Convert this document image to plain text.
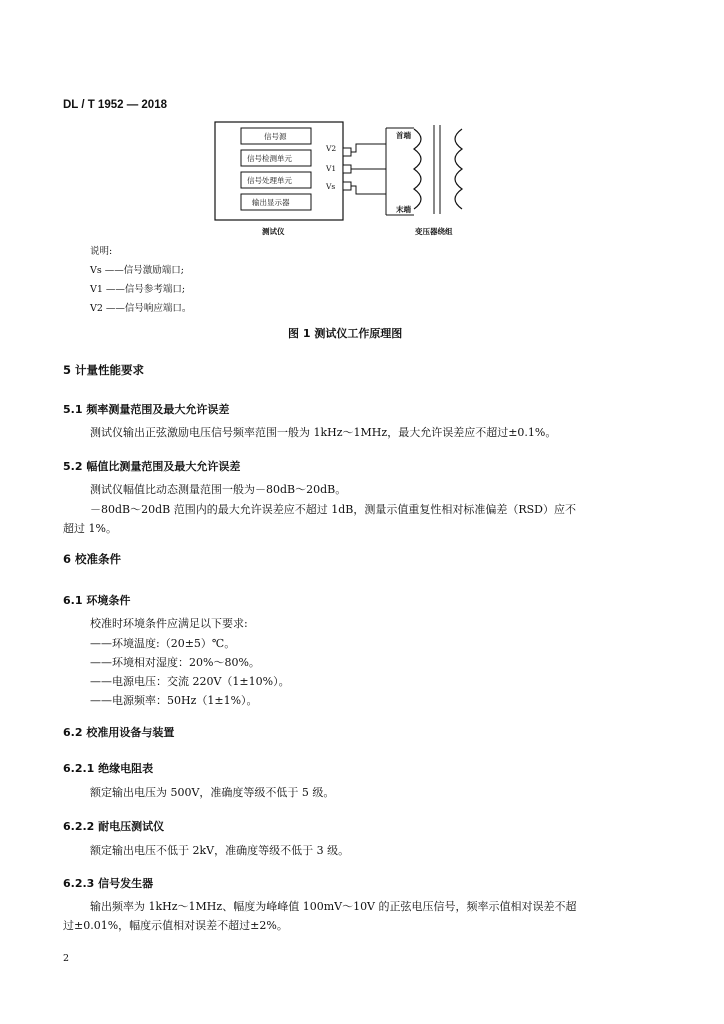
DL / T 1952 — 2018
信号源
信号检测单元
信号处理单元
输出显示器
V2
V1
Vs
首端
末端
测试仪	变压器绕组
说明:
Vs ——信号激励端口;
V1 ——信号参考端口;
V2 ——信号响应端口。
图 1 测试仪工作原理图
5 计量性能要求
5.1 频率测量范围及最大允许误差
测试仪输出正弦激励电压信号频率范围一般为 1kHz～1MHz，最大允许误差应不超过±0.1%。
5.2 幅值比测量范围及最大允许误差
测试仪幅值比动态测量范围一般为－80dB～20dB。
－80dB～20dB 范围内的最大允许误差应不超过 1dB，测量示值重复性相对标准偏差（RSD）应不
超过 1%。
6 校准条件
6.1 环境条件
校准时环境条件应满足以下要求:
——环境温度:（20±5）℃。
——环境相对湿度：20%～80%。
——电源电压：交流 220V（1±10%）。
——电源频率：50Hz（1±1%）。
6.2 校准用设备与装置
6.2.1 绝缘电阻表
额定输出电压为 500V，准确度等级不低于 5 级。
6.2.2 耐电压测试仪
额定输出电压不低于 2kV，准确度等级不低于 3 级。
6.2.3 信号发生器
输出频率为 1kHz～1MHz、幅度为峰峰值 100mV～10V 的正弦电压信号，频率示值相对误差不超
过±0.01%，幅度示值相对误差不超过±2%。
2
